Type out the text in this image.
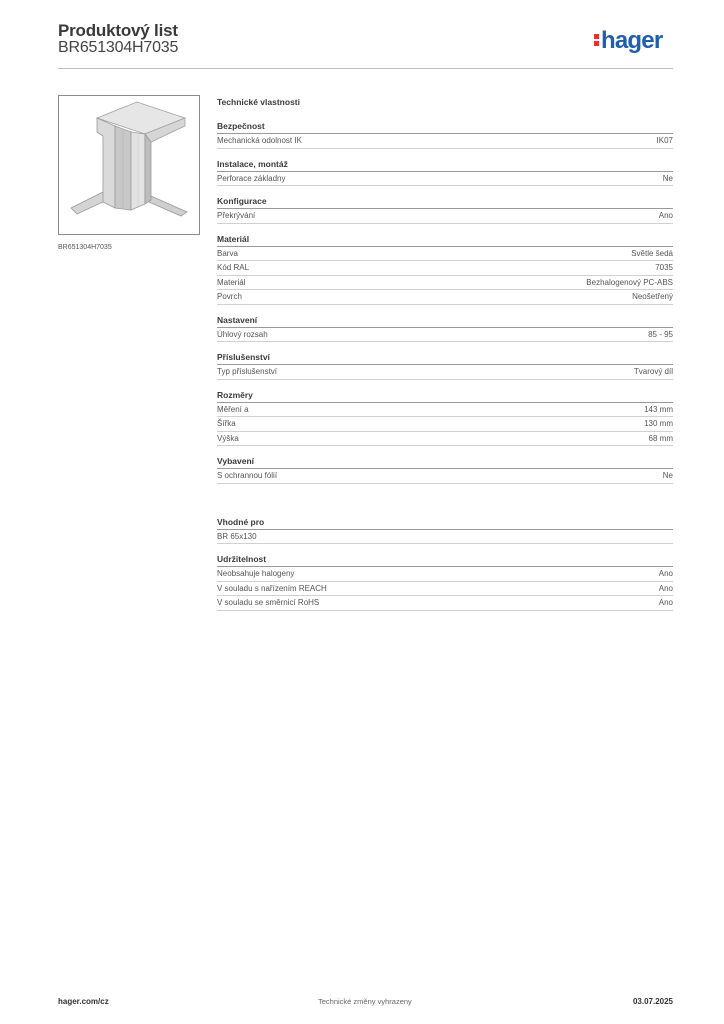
Produktový list
BR651304H7035	hager
BR651304H7035
Technické vlastnosti
Bezpečnost
Mechanická odolnost IK	IK07
Instalace, montáž
Perforace základny	Ne
Konfigurace
Překrývání	Ano
Materiál
Barva	Světle šedá
Kód RAL	7035
Materiál	Bezhalogenový PC-ABS
Povrch	Neošetřený
Nastavení
Úhlový rozsah	85 - 95
Příslušenství
Typ příslušenství	Tvarový díl
Rozměry
Měření a	143 mm
Šířka	130 mm
Výška	68 mm
Vybavení
S ochrannou fólií	Ne
Vhodné pro
BR 65x130
Udržitelnost
Neobsahuje halogeny	Ano
V souladu s nařízením REACH	Ano
V souladu se směrnicí RoHS	Ano
hager.com/cz	Technické změny vyhrazeny	03.07.2025
